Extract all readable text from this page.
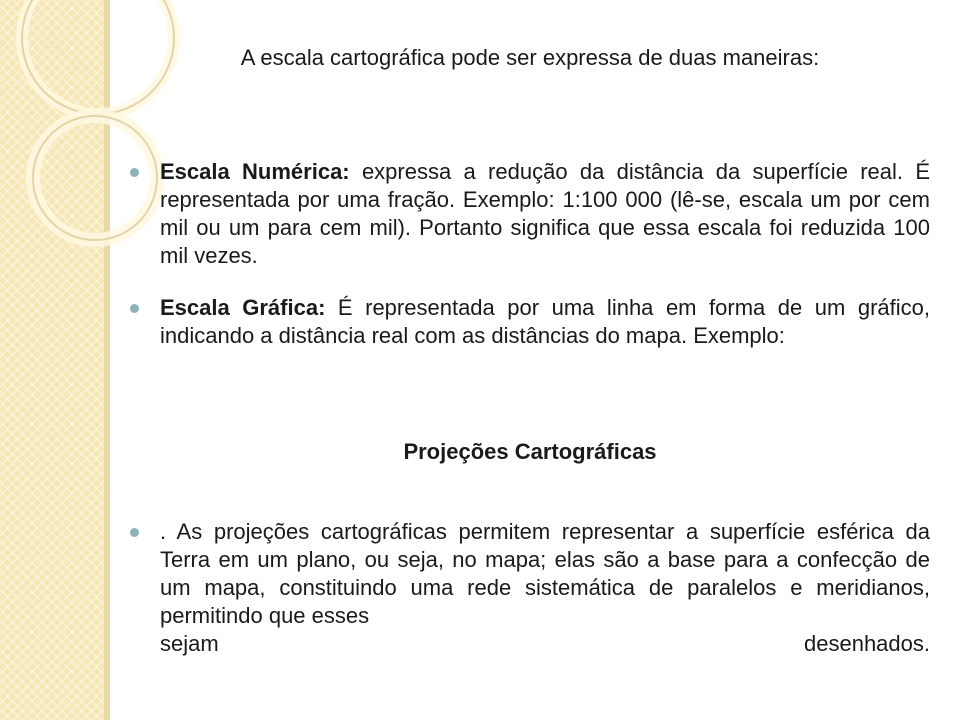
A escala cartográfica pode ser expressa de duas maneiras:
Escala Numérica: expressa a redução da distância da superfície real. É representada por uma fração. Exemplo: 1:100 000 (lê-se, escala um por cem mil ou um para cem mil). Portanto significa que essa escala foi reduzida 100 mil vezes.
Escala Gráfica: É representada por uma linha em forma de um gráfico, indicando a distância real com as distâncias do mapa. Exemplo:
Projeções Cartográficas
. As projeções cartográficas permitem representar a superfície esférica da Terra em um plano, ou seja, no mapa; elas são a base para a confecção de um mapa, constituindo uma rede sistemática de paralelos e meridianos, permitindo que esses
sejam	desenhados.
